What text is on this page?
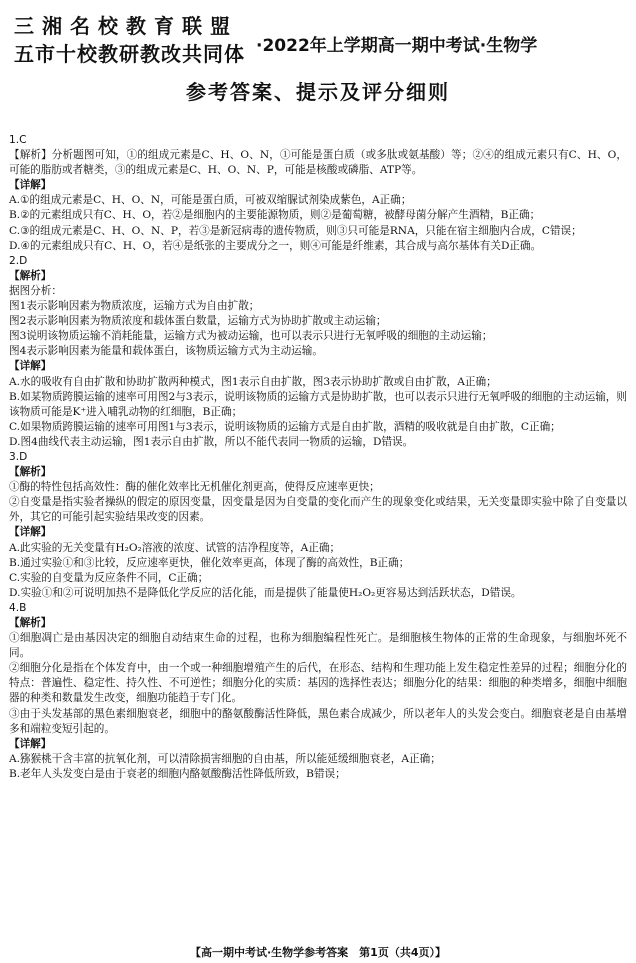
三湘名校教育联盟
五市十校教研教改共同体 ·2022年上学期高一期中考试·生物学
参考答案、提示及评分细则

1.C

【解析】分析题图可知，①的组成元素是C、H、O、N，①可能是蛋白质（或多肽或氨基酸）等；②④的组成元素只有C、H、O，可能的脂肪或者糖类，③的组成元素是C、H、O、N、P，可能是核酸或磷脂、ATP等。

【详解】

A.①的组成元素是C、H、O、N，可能是蛋白质，可被双缩脲试剂染成紫色，A正确；

B.②的元素组成只有C、H、O，若②是细胞内的主要能源物质，则②是葡萄糖，被酵母菌分解产生酒精，B正确；

C.③的组成元素是C、H、O、N、P，若③是新冠病毒的遗传物质，则③只可能是RNA，只能在宿主细胞内合成，C错误；

D.④的元素组成只有C、H、O，若④是纸张的主要成分之一，则④可能是纤维素，其合成与高尔基体有关D正确。

2.D

【解析】

据图分析：

图1表示影响因素为物质浓度，运输方式为自由扩散；

图2表示影响因素为物质浓度和载体蛋白数量，运输方式为协助扩散或主动运输；

图3说明该物质运输不消耗能量，运输方式为被动运输，也可以表示只进行无氧呼吸的细胞的主动运输；

图4表示影响因素为能量和载体蛋白，该物质运输方式为主动运输。

【详解】

A.水的吸收有自由扩散和协助扩散两种模式，图1表示自由扩散，图3表示协助扩散或自由扩散，A正确；

B.如某物质跨膜运输的速率可用图2与3表示，说明该物质的运输方式是协助扩散，也可以表示只进行无氧呼吸的细胞的主动运输，则该物质可能是K⁺进入哺乳动物的红细胞，B正确；

C.如果物质跨膜运输的速率可用图1与3表示，说明该物质的运输方式是自由扩散，酒精的吸收就是自由扩散，C正确；

D.图4曲线代表主动运输，图1表示自由扩散，所以不能代表同一物质的运输，D错误。

3.D

【解析】

①酶的特性包括高效性：酶的催化效率比无机催化剂更高，使得反应速率更快；

②自变量是指实验者操纵的假定的原因变量，因变量是因为自变量的变化而产生的现象变化或结果，无关变量即实验中除了自变量以外，其它的可能引起实验结果改变的因素。

【详解】

A.此实验的无关变量有H₂O₂溶液的浓度、试管的洁净程度等，A正确；

B.通过实验①和③比较，反应速率更快，催化效率更高，体现了酶的高效性，B正确；

C.实验的自变量为反应条件不同，C正确；

D.实验①和②可说明加热不是降低化学反应的活化能，而是提供了能量使H₂O₂更容易达到活跃状态，D错误。

4.B

【解析】

①细胞凋亡是由基因决定的细胞自动结束生命的过程，也称为细胞编程性死亡。是细胞核生物体的正常的生命现象，与细胞坏死不同。

②细胞分化是指在个体发育中，由一个或一种细胞增殖产生的后代，在形态、结构和生理功能上发生稳定性差异的过程；细胞分化的特点：普遍性、稳定性、持久性、不可逆性；细胞分化的实质：基因的选择性表达；细胞分化的结果：细胞的种类增多，细胞中细胞器的种类和数量发生改变，细胞功能趋于专门化。

③由于头发基部的黑色素细胞衰老，细胞中的酪氨酸酶活性降低，黑色素合成减少，所以老年人的头发会变白。细胞衰老是自由基增多和端粒变短引起的。

【详解】

A.猕猴桃干含丰富的抗氧化剂，可以清除损害细胞的自由基，所以能延缓细胞衰老，A正确；

B.老年人头发变白是由于衰老的细胞内酪氨酸酶活性降低所致，B错误；

【高一期中考试·生物学参考答案　第1页（共4页）】
